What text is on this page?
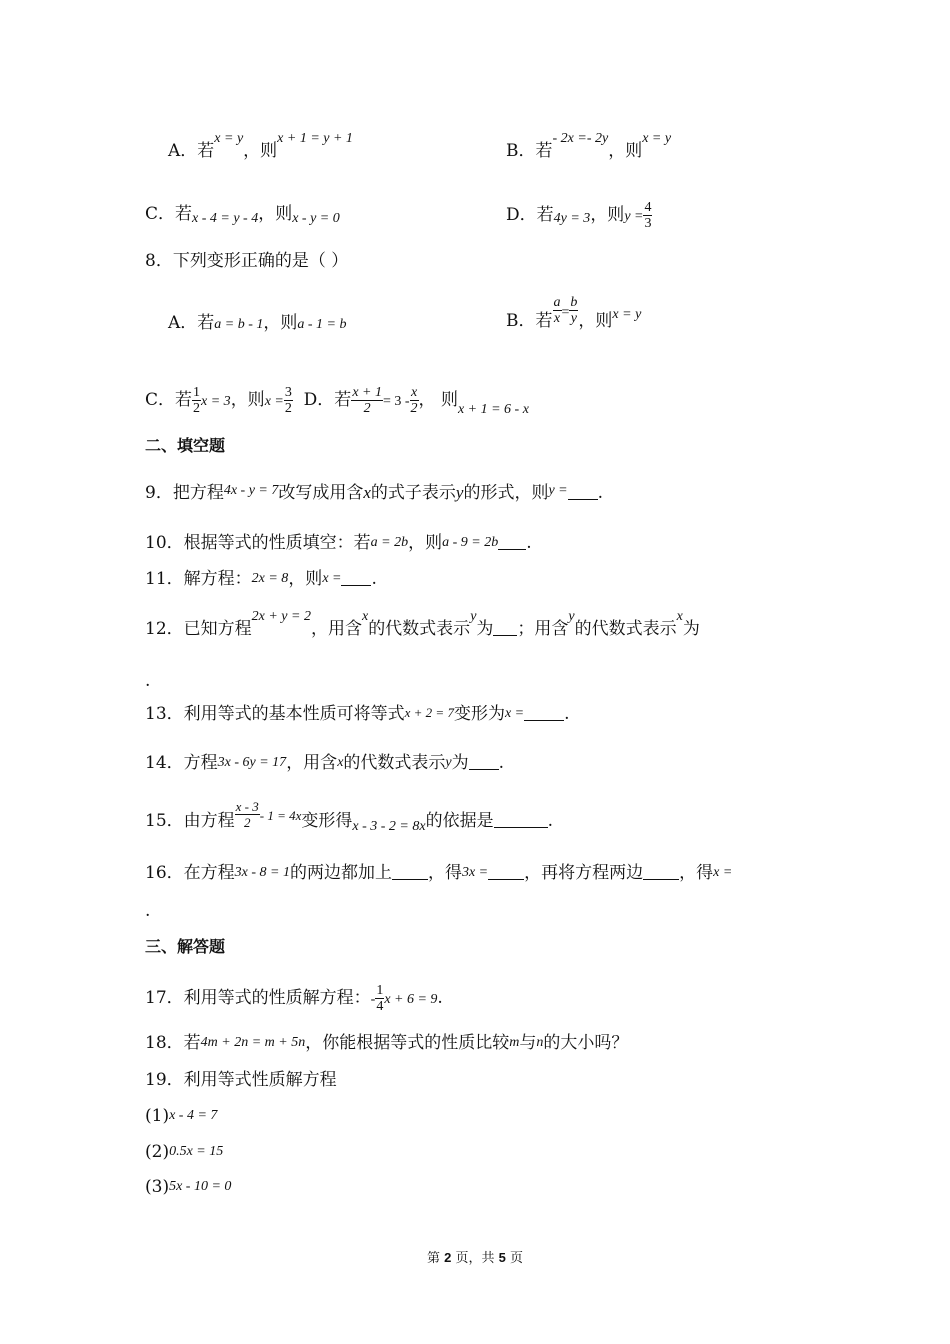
A．若$^{x = y}$，则$^{x + 1 = y + 1}$
B．若$^{- 2x =- 2y}$，则$^{x = y}$
C．若x - 4 = y - 4，则x - y = 0	D．若4y = 3，则$y = \frac{4}{3}$
8．下列变形正确的是（ ）
A．若a = b - 1，则a - 1 = b	B．若 $\frac{a}{x} ^= \frac{b}{y}$ ，则$^{x = y}$
C．若 $\frac{1}{2}$ x = 3，则$x = \frac{3}{2}$ D．若 $\frac{x + 1}{2} = 3 - \frac{x}{2}$ ， 则$_{x + 1 = 6 - x}$
二、填空题
9．把方程$^{4x - y = 7}$改写成用含x的式子表示y的形式，则$^{y =}$ .
10．根据等式的性质填空：若a = 2b，则a - 9 = 2b .
11．解方程：2x = 8，则x = .
12．已知方程$^{2x + y = 2}$，用含$^x$的代数式表示$^y$为 ；用含$^y$的代数式表示$^x$为
.
13．利用等式的基本性质可将等式x + 2 = 7变形为x = .
14．方程3x - 6y = 17，用含x的代数式表示y为 .
15．由方程 $\frac{x - 3}{2} ^{- 1 = 4x}$变形得$_{x - 3 - 2 = 8x}$的依据是	.
16．在方程3x - 8 = 1的两边都加上 ，得3x = ，再将方程两边 ，得x =
.
三、解答题
17．利用等式的性质解方程：- $\frac{1}{4}$ x + 6 = 9.
18．若4m + 2n = m + 5n，你能根据等式的性质比较m与n的大小吗？
19．利用等式性质解方程
(1)x - 4 = 7
(2)0.5x = 15
(3)5x - 10 = 0
第 2 页，共 5 页
